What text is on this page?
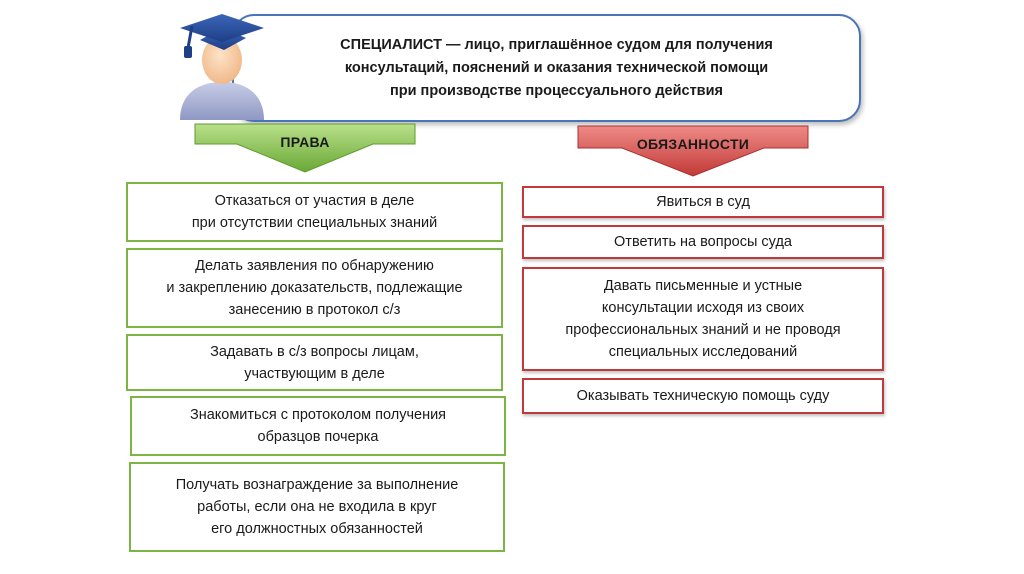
СПЕЦИАЛИСТ — лицо, приглашённое судом для получения
консультаций, пояснений и оказания технической помощи
при производстве процессуального действия
ПРАВА	ОБЯЗАННОСТИ
Отказаться от участия в деле
при отсутствии специальных знаний
Делать заявления по обнаружению
и закреплению доказательств, подлежащие
занесению в протокол с/з
Задавать в с/з вопросы лицам,
участвующим в деле
Знакомиться с протоколом получения
образцов почерка
Получать вознаграждение за выполнение
работы, если она не входила в круг
его должностных обязанностей
Явиться в суд
Ответить на вопросы суда
Давать письменные и устные
консультации исходя из своих
профессиональных знаний и не проводя
специальных исследований
Оказывать техническую помощь суду
